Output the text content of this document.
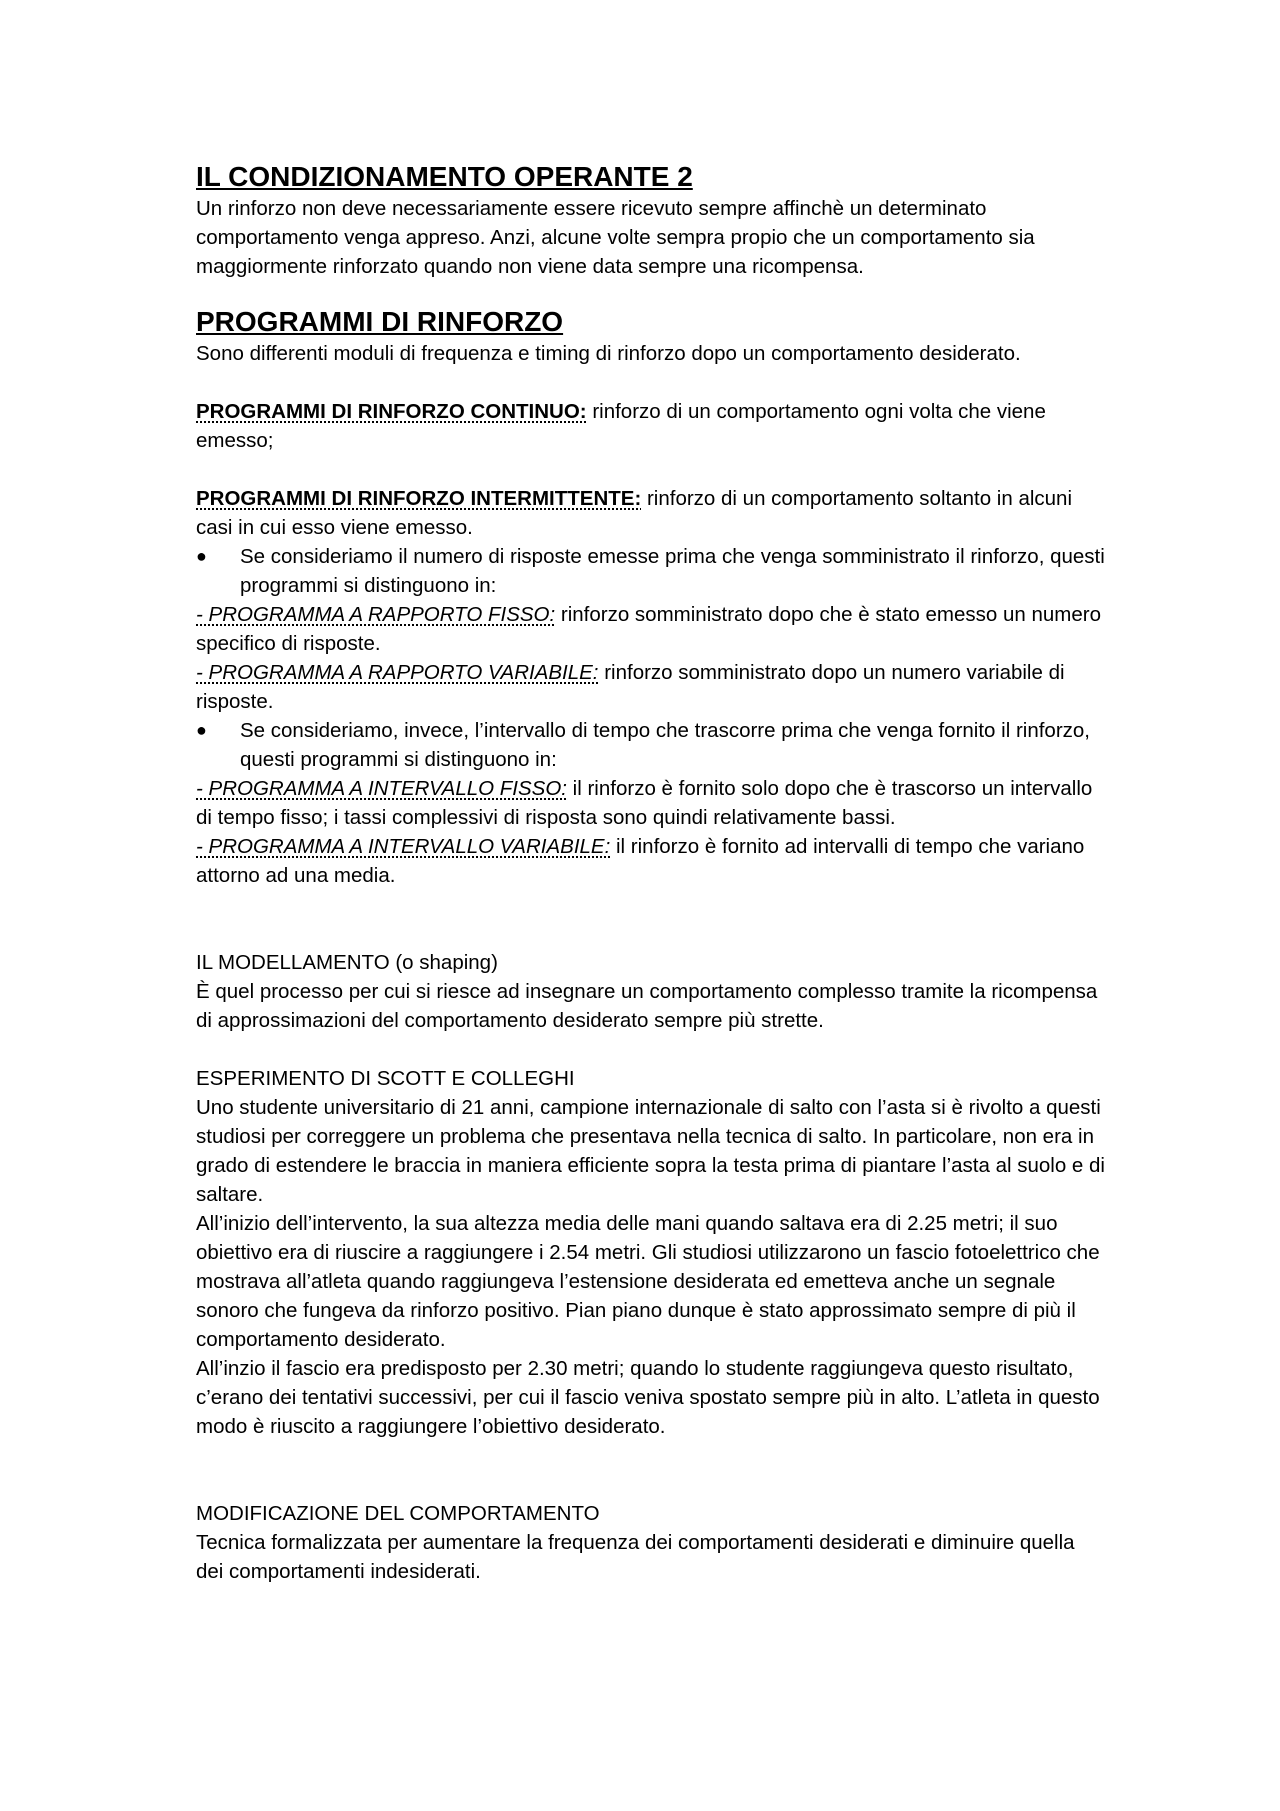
IL CONDIZIONAMENTO OPERANTE 2

Un rinforzo non deve necessariamente essere ricevuto sempre affinchè un determinato comportamento venga appreso. Anzi, alcune volte sempra propio che un comportamento sia maggiormente rinforzato quando non viene data sempre una ricompensa.

PROGRAMMI DI RINFORZO

Sono differenti moduli di frequenza e timing di rinforzo dopo un comportamento desiderato.

PROGRAMMI DI RINFORZO CONTINUO: rinforzo di un comportamento ogni volta che viene emesso;

PROGRAMMI DI RINFORZO INTERMITTENTE: rinforzo di un comportamento soltanto in alcuni casi in cui esso viene emesso.

●	Se consideriamo il numero di risposte emesse prima che venga somministrato il rinforzo, questi programmi si distinguono in:

- PROGRAMMA A RAPPORTO FISSO: rinforzo somministrato dopo che è stato emesso un numero specifico di risposte.

- PROGRAMMA A RAPPORTO VARIABILE: rinforzo somministrato dopo un numero variabile di risposte.

●	Se consideriamo, invece, l’intervallo di tempo che trascorre prima che venga fornito il rinforzo, questi programmi si distinguono in:

- PROGRAMMA A INTERVALLO FISSO: il rinforzo è fornito solo dopo che è trascorso un intervallo di tempo fisso; i tassi complessivi di risposta sono quindi relativamente bassi.

- PROGRAMMA A INTERVALLO VARIABILE: il rinforzo è fornito ad intervalli di tempo che variano attorno ad una media.

IL MODELLAMENTO (o shaping)

È quel processo per cui si riesce ad insegnare un comportamento complesso tramite la ricompensa di approssimazioni del comportamento desiderato sempre più strette.

ESPERIMENTO DI SCOTT E COLLEGHI

Uno studente universitario di 21 anni, campione internazionale di salto con l’asta si è rivolto a questi studiosi per correggere un problema che presentava nella tecnica di salto. In particolare, non era in grado di estendere le braccia in maniera efficiente sopra la testa prima di piantare l’asta al suolo e di saltare.

All’inizio dell’intervento, la sua altezza media delle mani quando saltava era di 2.25 metri; il suo obiettivo era di riuscire a raggiungere i 2.54 metri. Gli studiosi utilizzarono un fascio fotoelettrico che mostrava all’atleta quando raggiungeva l’estensione desiderata ed emetteva anche un segnale sonoro che fungeva da rinforzo positivo. Pian piano dunque è stato approssimato sempre di più il comportamento desiderato.

All’inzio il fascio era predisposto per 2.30 metri; quando lo studente raggiungeva questo risultato, c’erano dei tentativi successivi, per cui il fascio veniva spostato sempre più in alto. L’atleta in questo modo è riuscito a raggiungere l’obiettivo desiderato.

MODIFICAZIONE DEL COMPORTAMENTO

Tecnica formalizzata per aumentare la frequenza dei comportamenti desiderati e diminuire quella dei comportamenti indesiderati.
